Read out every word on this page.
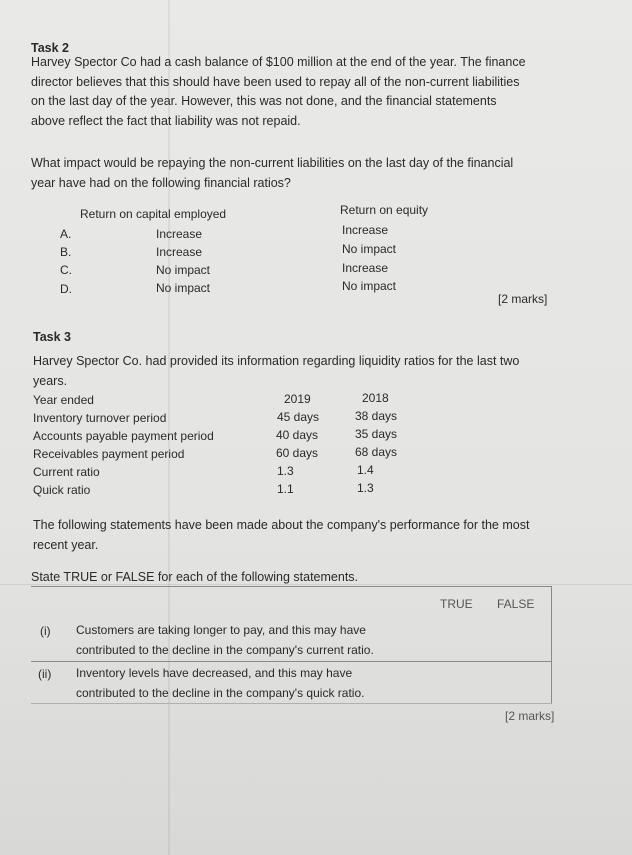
Task 2
Harvey Spector Co had a cash balance of $100 million at the end of the year. The finance
director believes that this should have been used to repay all of the non-current liabilities
on the last day of the year. However, this was not done, and the financial statements
above reflect the fact that liability was not repaid.
What impact would be repaying the non-current liabilities on the last day of the financial
year have had on the following financial ratios?
Return on capital employed	Return on equity
A.	Increase	Increase
B.	Increase	No impact
C.	No impact	Increase
D.	No impact	No impact
[2 marks]
Task 3
Harvey Spector Co. had provided its information regarding liquidity ratios for the last two
years.
Year ended	2019	2018
Inventory turnover period	45 days	38 days
Accounts payable payment period	40 days	35 days
Receivables payment period	60 days	68 days
Current ratio	1.3	1.4
Quick ratio	1.1	1.3
The following statements have been made about the company's performance for the most
recent year.
State TRUE or FALSE for each of the following statements.
TRUE FALSE
(i) Customers are taking longer to pay, and this may have
contributed to the decline in the company's current ratio.
(ii) Inventory levels have decreased, and this may have
contributed to the decline in the company's quick ratio.
[2 marks]
